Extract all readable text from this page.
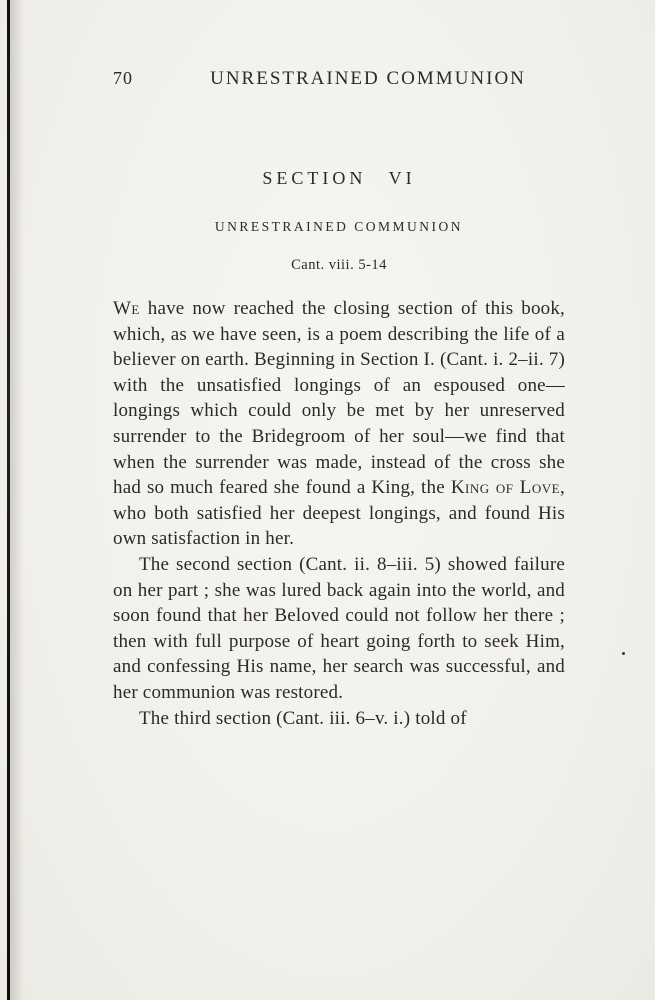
70	UNRESTRAINED COMMUNION
SECTION VI
UNRESTRAINED COMMUNION
Cant. viii. 5-14

We have now reached the closing section of this book, which, as we have seen, is a poem describing the life of a believer on earth. Beginning in Section I. (Cant. i. 2–ii. 7) with the unsatisfied longings of an espoused one—longings which could only be met by her unreserved surrender to the Bridegroom of her soul—we find that when the surrender was made, instead of the cross she had so much feared she found a King, the King of Love, who both satisfied her deepest longings, and found His own satisfaction in her.

The second section (Cant. ii. 8–iii. 5) showed failure on her part ; she was lured back again into the world, and soon found that her Beloved could not follow her there ; then with full purpose of heart going forth to seek Him, and confessing His name, her search was successful, and her communion was restored.

The third section (Cant. iii. 6–v. i.) told of
